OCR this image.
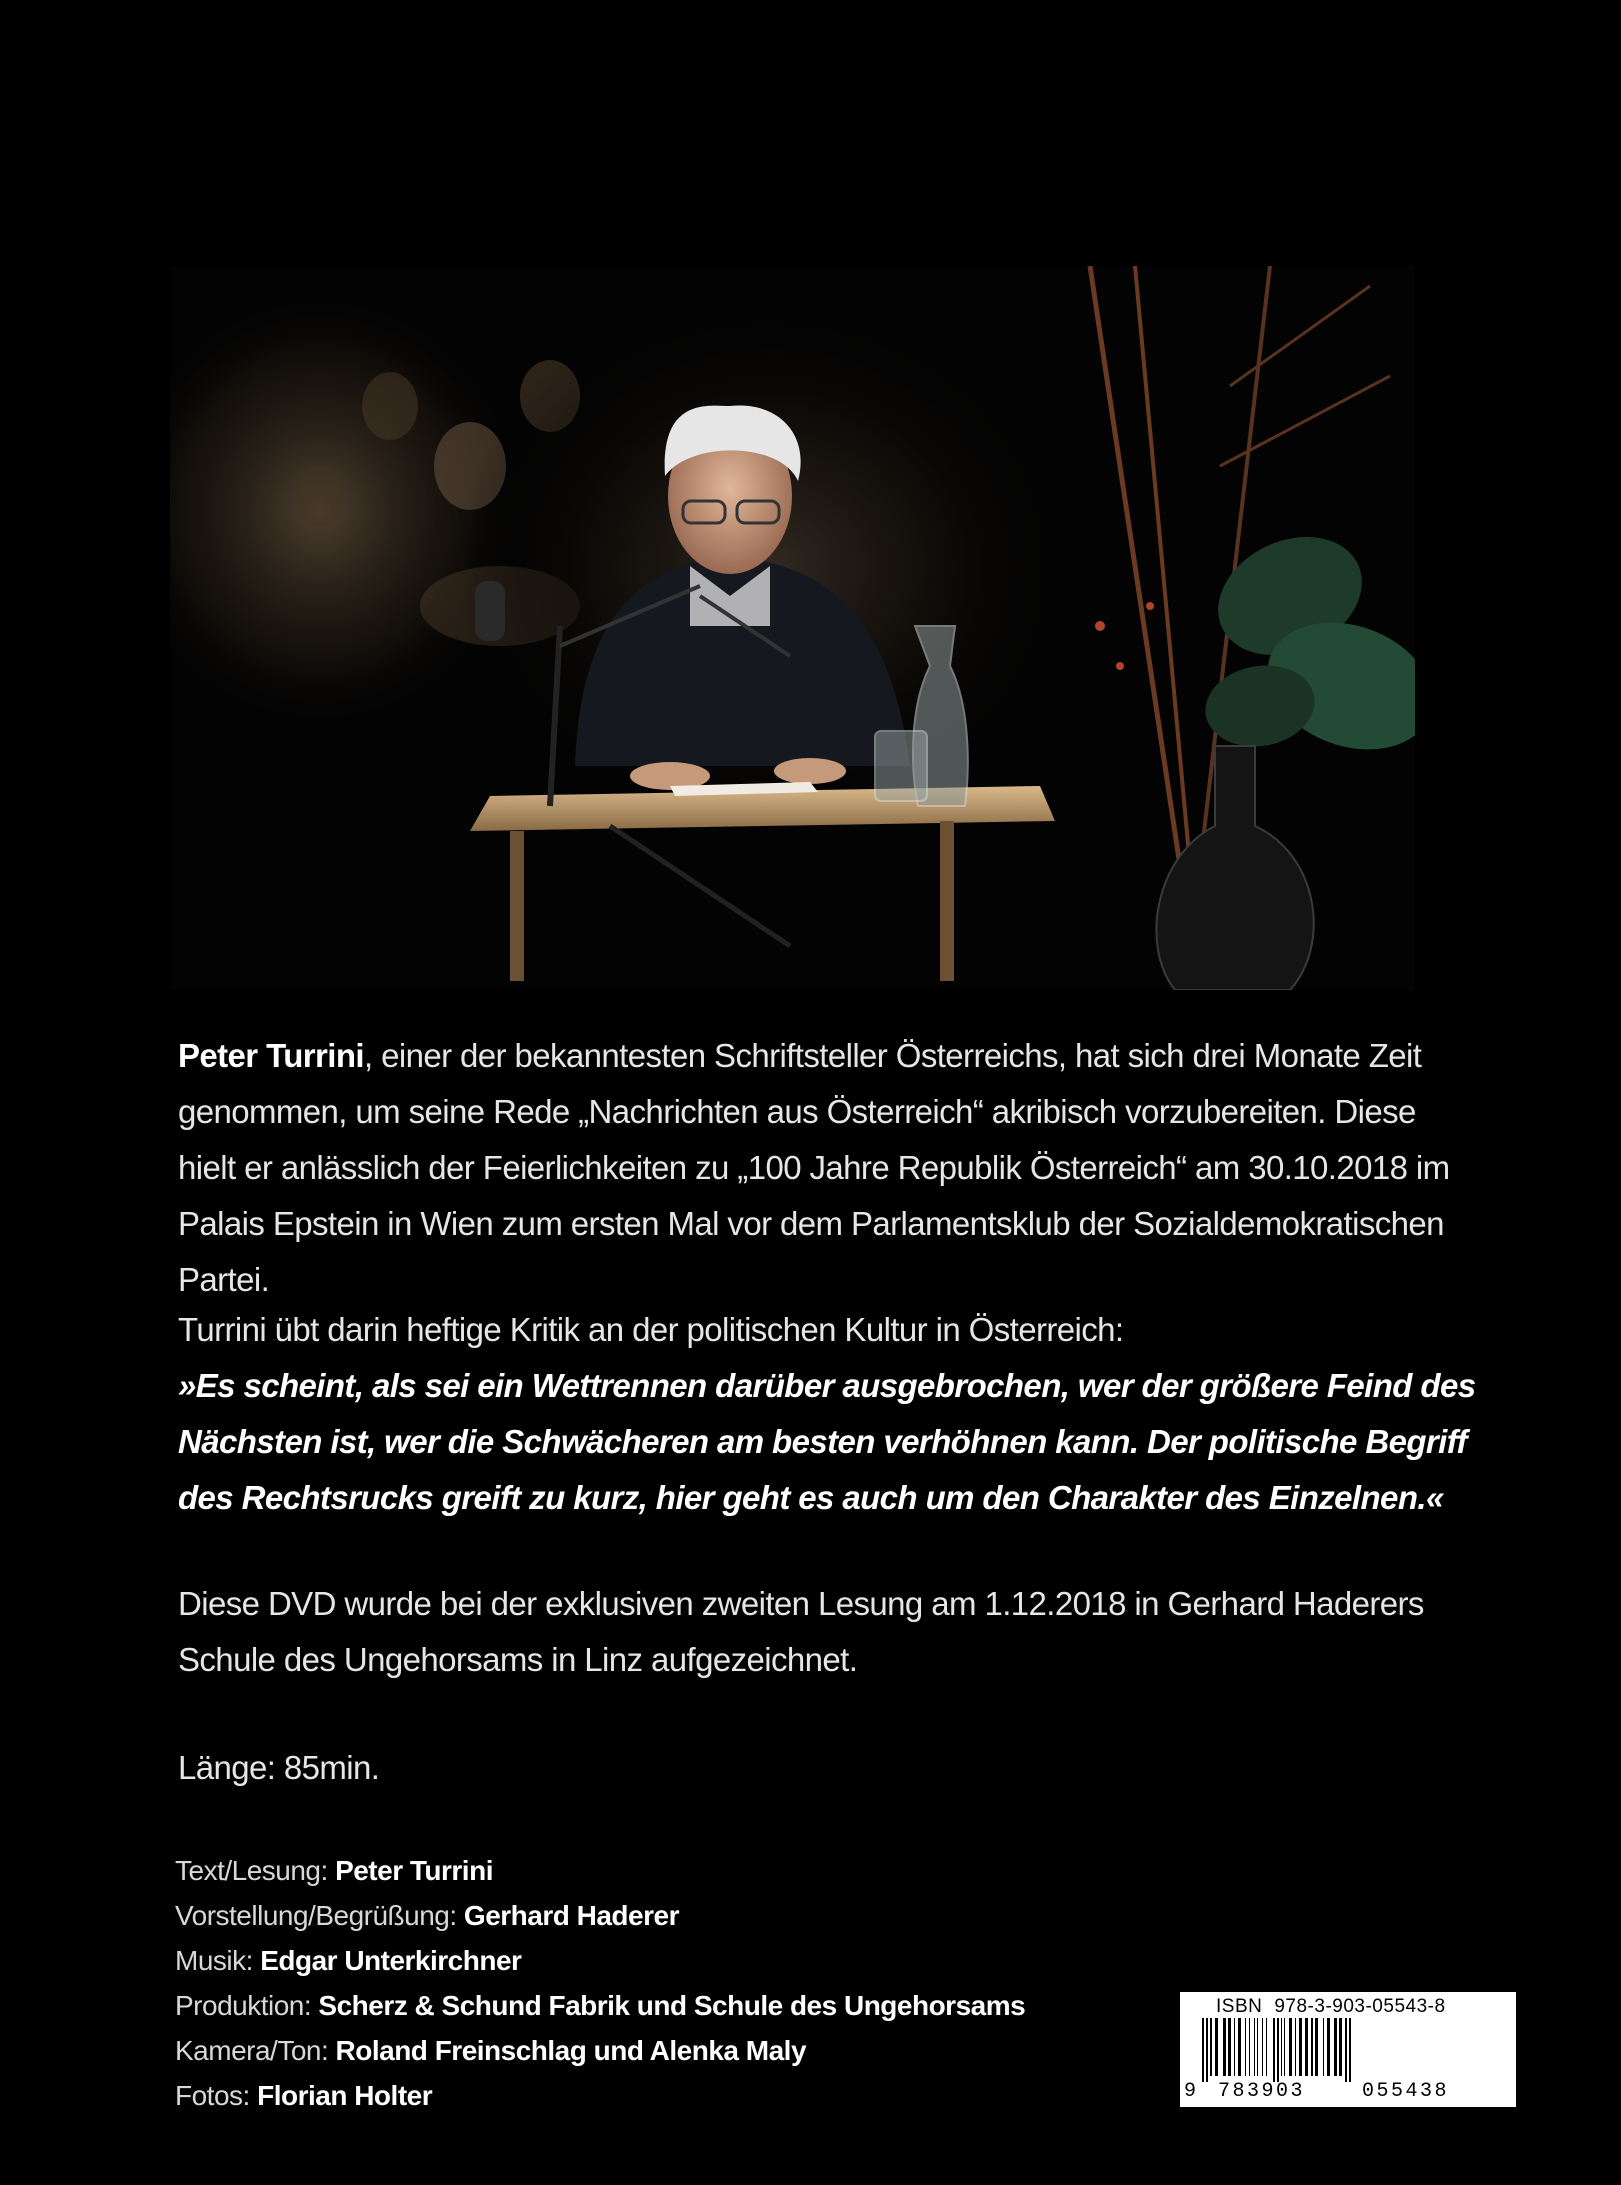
Peter Turrini, einer der bekanntesten Schriftsteller Österreichs, hat sich drei Monate Zeit genommen, um seine Rede „Nachrichten aus Österreich“ akribisch vorzubereiten. Diese hielt er anlässlich der Feierlichkeiten zu „100 Jahre Republik Österreich“ am 30.10.2018 im Palais Epstein in Wien zum ersten Mal vor dem Parlamentsklub der Sozialdemokratischen Partei.

Turrini übt darin heftige Kritik an der politischen Kultur in Österreich:
»Es scheint, als sei ein Wettrennen darüber ausgebrochen, wer der größere Feind des Nächsten ist, wer die Schwächeren am besten verhöhnen kann. Der politische Begriff des Rechtsrucks greift zu kurz, hier geht es auch um den Charakter des Einzelnen.«

Diese DVD wurde bei der exklusiven zweiten Lesung am 1.12.2018 in Gerhard Haderers Schule des Ungehorsams in Linz aufgezeichnet.

Länge: 85min.

Text/Lesung: Peter Turrini
Vorstellung/Begrüßung: Gerhard Haderer
Musik: Edgar Unterkirchner
Produktion: Scherz & Schund Fabrik und Schule des Ungehorsams
Kamera/Ton: Roland Freinschlag und Alenka Maly
Fotos: Florian Holter
ISBN 978-3-903-05543-8
9 783903	055438
